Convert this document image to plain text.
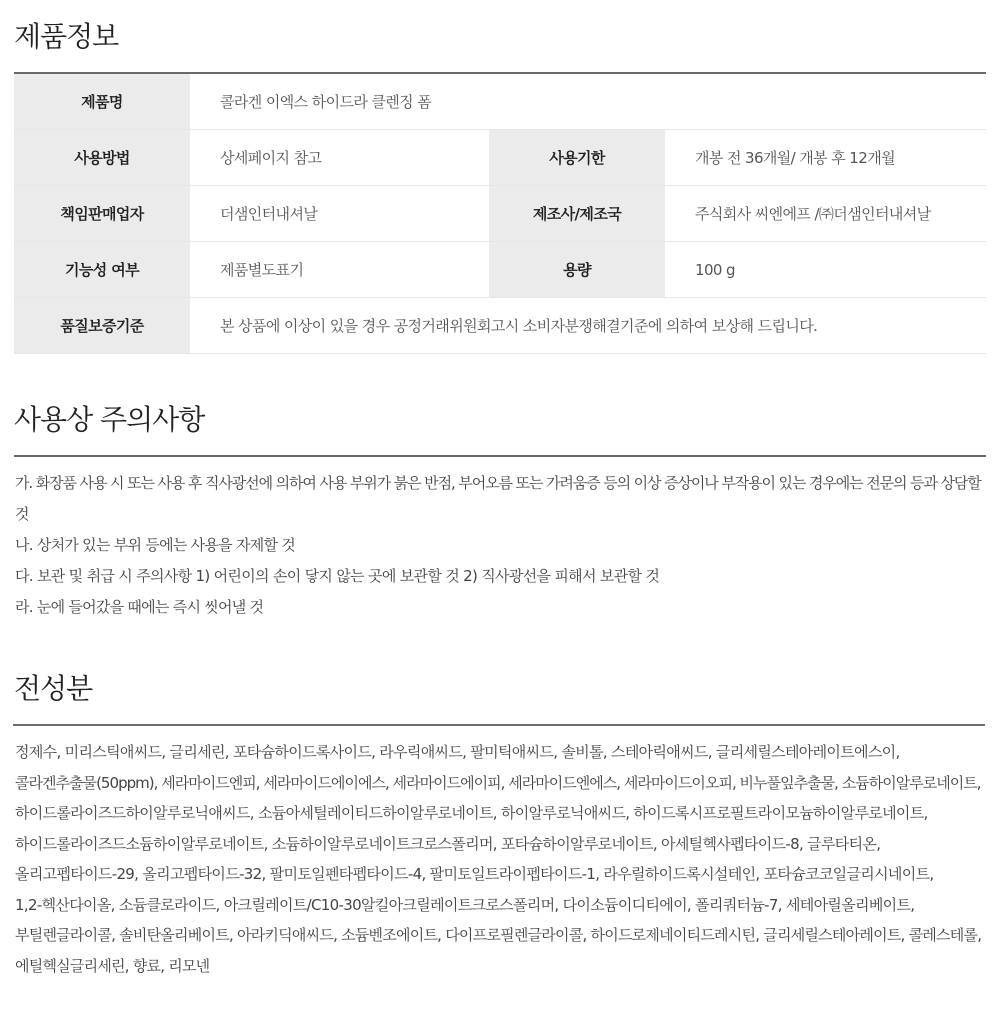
제품정보
제품명	콜라겐 이엑스 하이드라 클렌징 폼		
사용방법	상세페이지 참고	사용기한	개봉 전 36개월/ 개봉 후 12개월
책임판매업자	더샘인터내셔날	제조사/제조국	주식회사 씨엔에프 /㈜더샘인터내셔날
기능성 여부	제품별도표기	용량	100 g
품질보증기준	본 상품에 이상이 있을 경우 공정거래위원회고시 소비자분쟁해결기준에 의하여 보상해 드립니다.		
사용상 주의사항
가. 화장품 사용 시 또는 사용 후 직사광선에 의하여 사용 부위가 붉은 반점, 부어오름 또는 가려움증 등의 이상 증상이나 부작용이 있는 경우에는 전문의 등과 상담할
것
나. 상처가 있는 부위 등에는 사용을 자제할 것
다. 보관 및 취급 시 주의사항 1) 어린이의 손이 닿지 않는 곳에 보관할 것 2) 직사광선을 피해서 보관할 것
라. 눈에 들어갔을 때에는 즉시 씻어낼 것
전성분
정제수, 미리스틱애씨드, 글리세린, 포타슘하이드록사이드, 라우릭애씨드, 팔미틱애씨드, 솔비톨, 스테아릭애씨드, 글리세릴스테아레이트에스이,
콜라겐추출물(50ppm), 세라마이드엔피, 세라마이드에이에스, 세라마이드에이피, 세라마이드엔에스, 세라마이드이오피, 비누풀잎추출물, 소듐하이알루로네이트,
하이드롤라이즈드하이알루로닉애씨드, 소듐아세틸레이티드하이알루로네이트, 하이알루로닉애씨드, 하이드록시프로필트라이모늄하이알루로네이트,
하이드롤라이즈드소듐하이알루로네이트, 소듐하이알루로네이트크로스폴리머, 포타슘하이알루로네이트, 아세틸헥사펩타이드-8, 글루타티온,
올리고펩타이드-29, 올리고펩타이드-32, 팔미토일펜타펩타이드-4, 팔미토일트라이펩타이드-1, 라우릴하이드록시설테인, 포타슘코코일글리시네이트,
1,2-헥산다이올, 소듐클로라이드, 아크릴레이트/C10-30알킬아크릴레이트크로스폴리머, 다이소듐이디티에이, 폴리쿼터늄-7, 세테아릴올리베이트,
부틸렌글라이콜, 솔비탄올리베이트, 아라키딕애씨드, 소듐벤조에이트, 다이프로필렌글라이콜, 하이드로제네이티드레시틴, 글리세릴스테아레이트, 콜레스테롤,
에틸헥실글리세린, 향료, 리모넨
